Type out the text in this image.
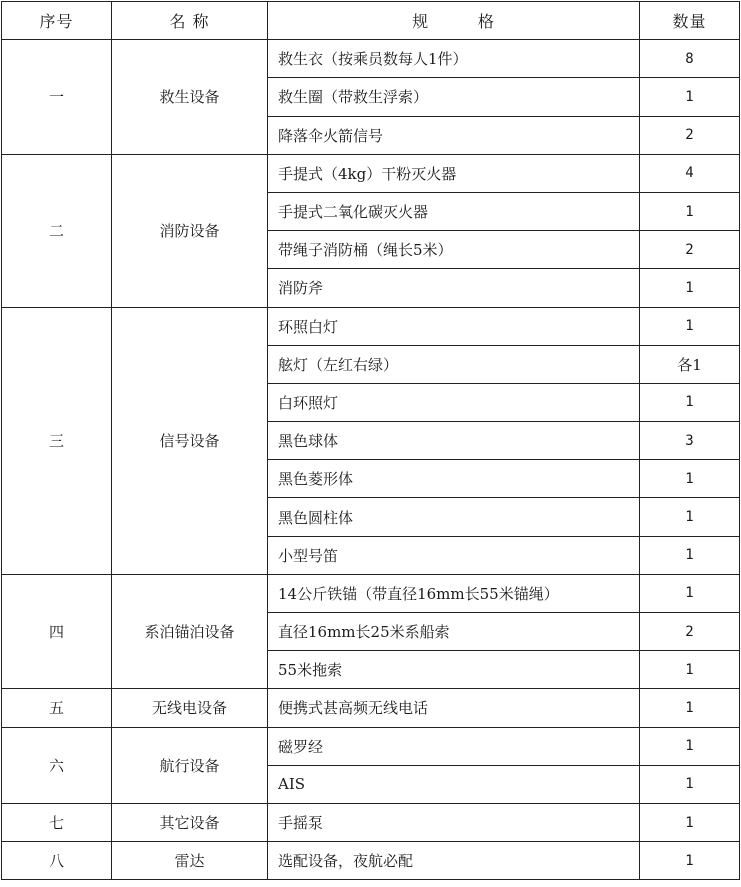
序号	名 称	规        格	数量
一	救生设备	救生衣（按乘员数每人1件）	8
		救生圈（带救生浮索）	1
		降落伞火箭信号	2
二	消防设备	手提式（4kg）干粉灭火器	4
		手提式二氧化碳灭火器	1
		带绳子消防桶（绳长5米）	2
		消防斧	1
三	信号设备	环照白灯	1
		舷灯（左红右绿）	各1
		白环照灯	1
		黑色球体	3
		黑色菱形体	1
		黑色圆柱体	1
		小型号笛	1
四	系泊锚泊设备	14公斤铁锚（带直径16mm长55米锚绳）	1
		直径16mm长25米系船索	2
		55米拖索	1
五	无线电设备	便携式甚高频无线电话	1
六	航行设备	磁罗经	1
		AIS	1
七	其它设备	手摇泵	1
八	雷达	选配设备，夜航必配	1
